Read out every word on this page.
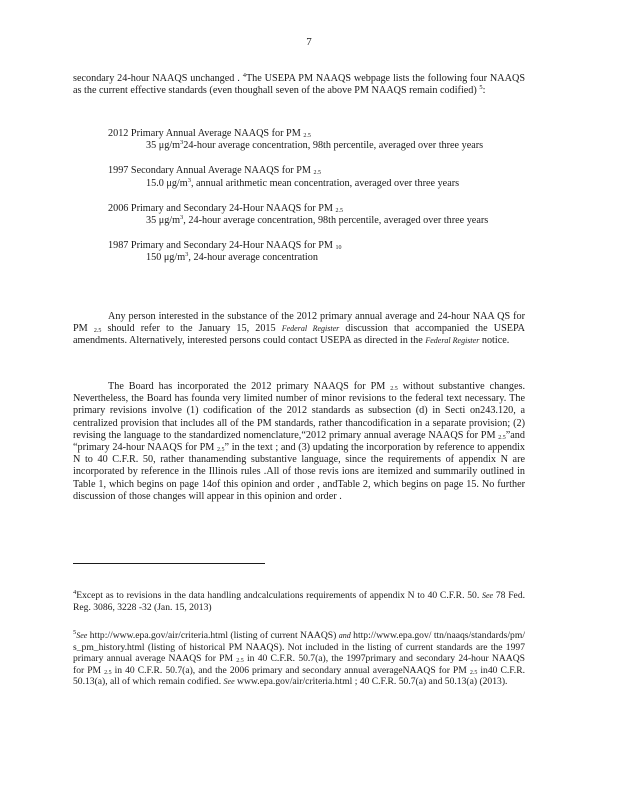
7
secondary 24-hour NAAQS unchanged . $^4$The USEPA PM NAAQS webpage lists the following four NAAQS as the current effective standards (even thoughall seven of the above PM NAAQS remain codified) $^5$:
2012 Primary Annual Average NAAQS for PM $_{2.5}$
35 $\mu g/m^324$-hour average concentration, 98th percentile, averaged over three years
1997 Secondary Annual Average NAAQS for PM $_{2.5}$
15.0 $\mu g/m^3$, annual arithmetic mean concentration, averaged over three years
2006 Primary and Secondary 24-Hour NAAQS for PM $_{2.5}$
35 $\mu g/m^3$, 24-hour average concentration, 98th percentile, averaged over three years
1987 Primary and Secondary 24-Hour NAAQS for PM $_{10}$
150 $\mu g/m^3$, 24-hour average concentration
Any person interested in the substance of the 2012 primary annual average and 24-hour NAA QS for PM $_{2.5}$ should refer to the January 15, 2015 Federal Register discussion that accompanied the USEPA amendments. Alternatively, interested persons could contact USEPA as directed in the Federal Register notice.
The Board has incorporated the 2012 primary NAAQS for PM $_{2.5}$ without substantive changes. Nevertheless, the Board has founda very limited number of minor revisions to the federal text necessary. The primary revisions involve (1) codification of the 2012 standards as subsection (d) in Secti on243.120, a centralized provision that includes all of the PM standards, rather thancodification in a separate provision; (2) revising the language to the standardized nomenclature,“2012 primary annual average NAAQS for PM $_{2.5}$”and “primary 24-hour NAAQS for PM $_{2.5}$” in the text ; and (3) updating the incorporation by reference to appendix N to 40 C.F.R. 50, rather thanamending substantive language, since the requirements of appendix N are incorporated by reference in the Illinois rules .All of those revis ions are itemized and summarily outlined in Table 1, which begins on page 14of this opinion and order , andTable 2, which begins on page 15. No further discussion of those changes will appear in this opinion and order .
$^4$Except as to revisions in the data handling andcalculations requirements of appendix N to 40 C.F.R. 50. See 78 Fed. Reg. 3086, 3228 -32 (Jan. 15, 2013)
$^5$See http://www.epa.gov/air/criteria.html (listing of current NAAQS) and http://www.epa.gov/ ttn/naaqs/standards/pm/ s_pm_history.html (listing of historical PM NAAQS). Not included in the listing of current standards are the 1997 primary annual average NAAQS for PM $_{2.5}$ in 40 C.F.R. 50.7(a), the 1997primary and secondary 24-hour NAAQS for PM $_{2.5}$ in 40 C.F.R. 50.7(a), and the 2006 primary and secondary annual averageNAAQS for PM $_{2.5}$ in40 C.F.R. 50.13(a), all of which remain codified. See www.epa.gov/air/criteria.html ; 40 C.F.R. 50.7(a) and 50.13(a) (2013).
